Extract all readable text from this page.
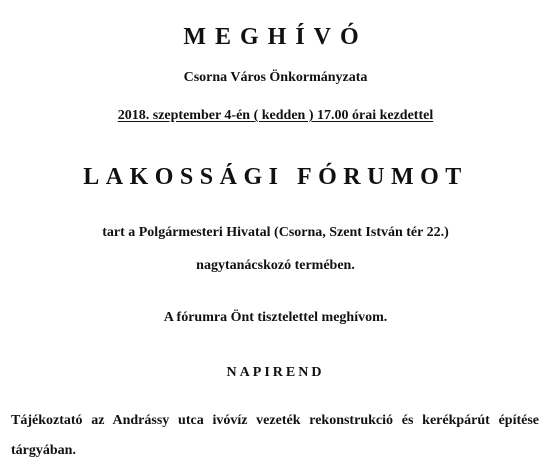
MEGHÍVÓ
Csorna Város Önkormányzata
2018. szeptember 4-én ( kedden ) 17.00 órai kezdettel
LAKOSSÁGI FÓRUMOT
tart a Polgármesteri Hivatal (Csorna, Szent István tér 22.)
nagytanácskozó termében.
A fórumra Önt tisztelettel meghívom.
NAPIREND
Tájékoztató az Andrássy utca ivóvíz vezeték rekonstrukció és kerékpárút építése tárgyában.
